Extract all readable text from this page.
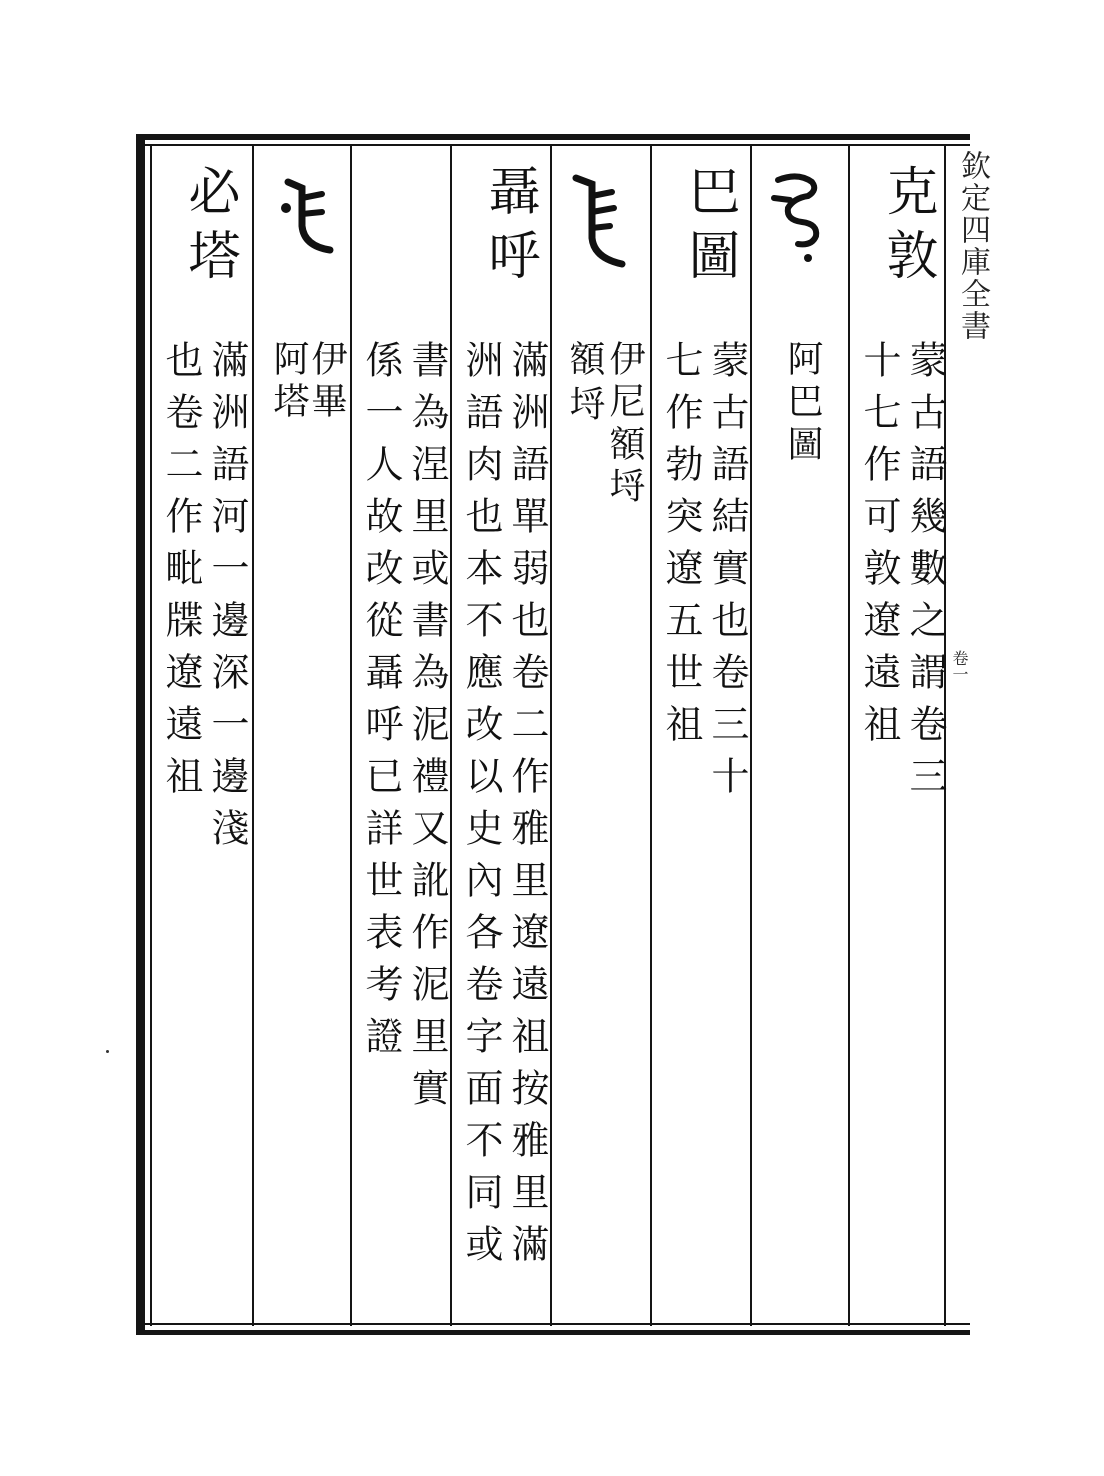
欽定四庫全書
卷一
克敦
蒙古語幾數之謂卷三
十七作可敦遼遠祖
阿巴
圖
巴圖
蒙古語結實也卷三十
七作勃突遼五世祖
伊尼
額埒
額
埒
聶呼
滿洲語單弱也卷二作雅里遼遠祖按雅里滿
洲語肉也本不應改以史內各卷字面不同或
書為涅里或書為泥禮又訛作泥里實
係一人故改從聶呼已詳世表考證
伊畢
阿塔
必塔
滿洲語河一邊深一邊淺
也卷二作毗牒遼遠祖
